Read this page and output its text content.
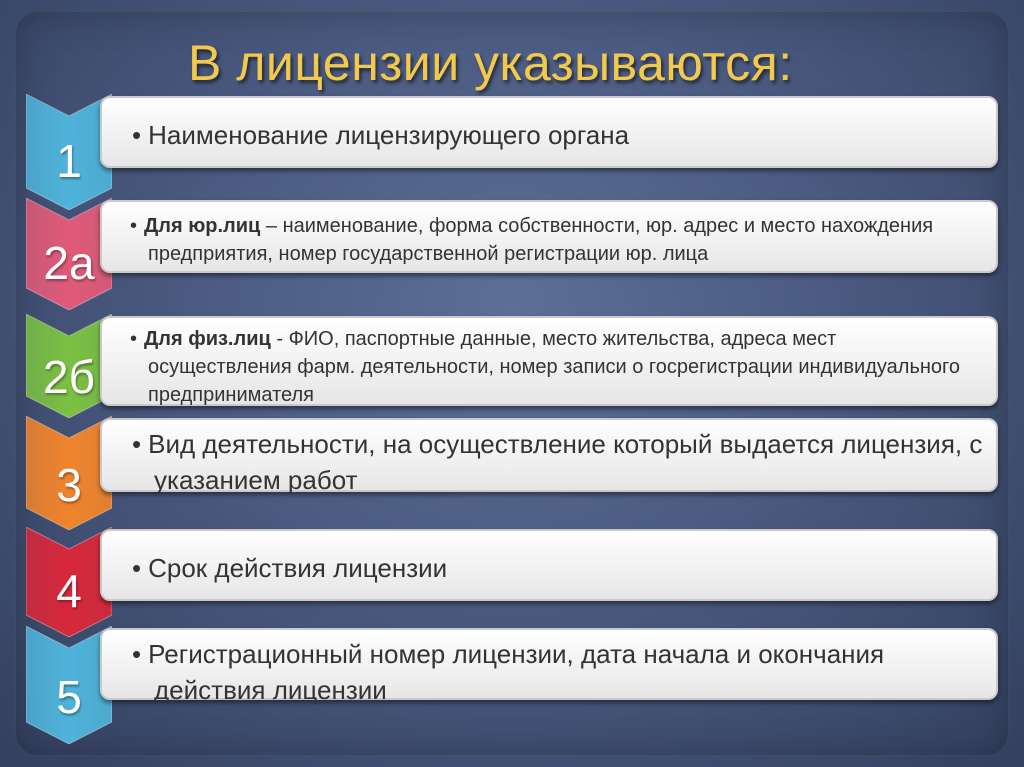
В лицензии указываются:
1	• Наименование лицензирующего органа
2а
• Для юр.лиц – наименование, форма собственности, юр. адрес и место нахождения предприятия, номер государственной регистрации юр. лица
2б
• Для физ.лиц - ФИО, паспортные данные, место жительства, адреса мест осуществления фарм. деятельности, номер записи о госрегистрации индивидуального предпринимателя
3
• Вид деятельности, на осуществление который выдается лицензия, с указанием работ
4	• Срок действия лицензии
5
• Регистрационный номер лицензии, дата начала и окончания действия лицензии
